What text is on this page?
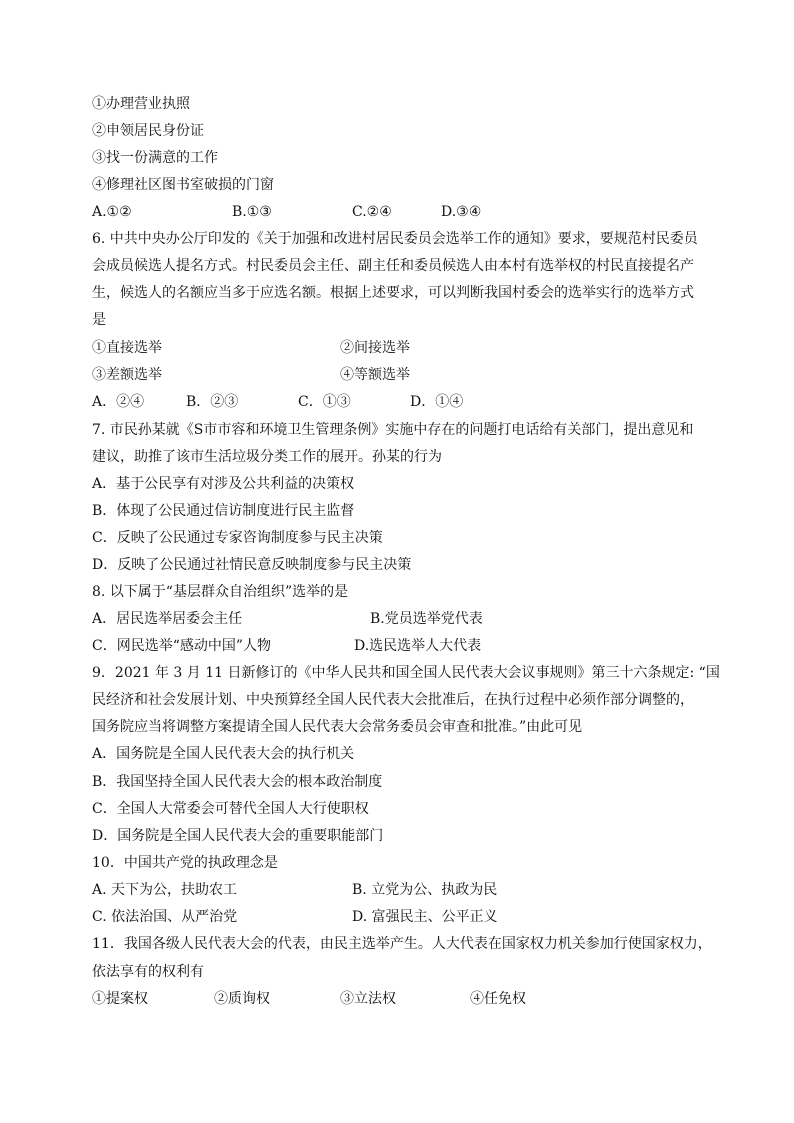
①办理营业执照
②申领居民身份证
③找一份满意的工作
④修理社区图书室破损的门窗
A.①②	B.①③	C.②④	D.③④
6. 中共中央办公厅印发的《关于加强和改进村居民委员会选举工作的通知》要求，要规范村民委员
会成员候选人提名方式。村民委员会主任、副主任和委员候选人由本村有选举权的村民直接提名产
生，候选人的名额应当多于应选名额。根据上述要求，可以判断我国村委会的选举实行的选举方式
是
①直接选举	②间接选举
③差额选举	④等额选举
A．②④	B．②③	C．①③	D．①④
7. 市民孙某就《S市市容和环境卫生管理条例》实施中存在的问题打电话给有关部门，提出意见和
建议，助推了该市生活垃圾分类工作的展开。孙某的行为
A．基于公民享有对涉及公共利益的决策权
B．体现了公民通过信访制度进行民主监督
C．反映了公民通过专家咨询制度参与民主决策
D．反映了公民通过社情民意反映制度参与民主决策
8. 以下属于“基层群众自治组织”选举的是
A．居民选举居委会主任	B.党员选举党代表
C．网民选举“感动中国”人物	D.选民选举人大代表
9．2021 年 3 月 11 日新修订的《中华人民共和国全国人民代表大会议事规则》第三十六条规定: “国
民经济和社会发展计划、中央预算经全国人民代表大会批准后，在执行过程中必须作部分调整的，
国务院应当将调整方案提请全国人民代表大会常务委员会审查和批准。”由此可见
A．国务院是全国人民代表大会的执行机关
B．我国坚持全国人民代表大会的根本政治制度
C．全国人大常委会可替代全国人大行使职权
D．国务院是全国人民代表大会的重要职能部门
10．中国共产党的执政理念是
A. 天下为公，扶助农工	B. 立党为公、执政为民
C. 依法治国、从严治党	D. 富强民主、公平正义
11．我国各级人民代表大会的代表，由民主选举产生。人大代表在国家权力机关参加行使国家权力，
依法享有的权利有
①提案权	②质询权	③立法权	④任免权
